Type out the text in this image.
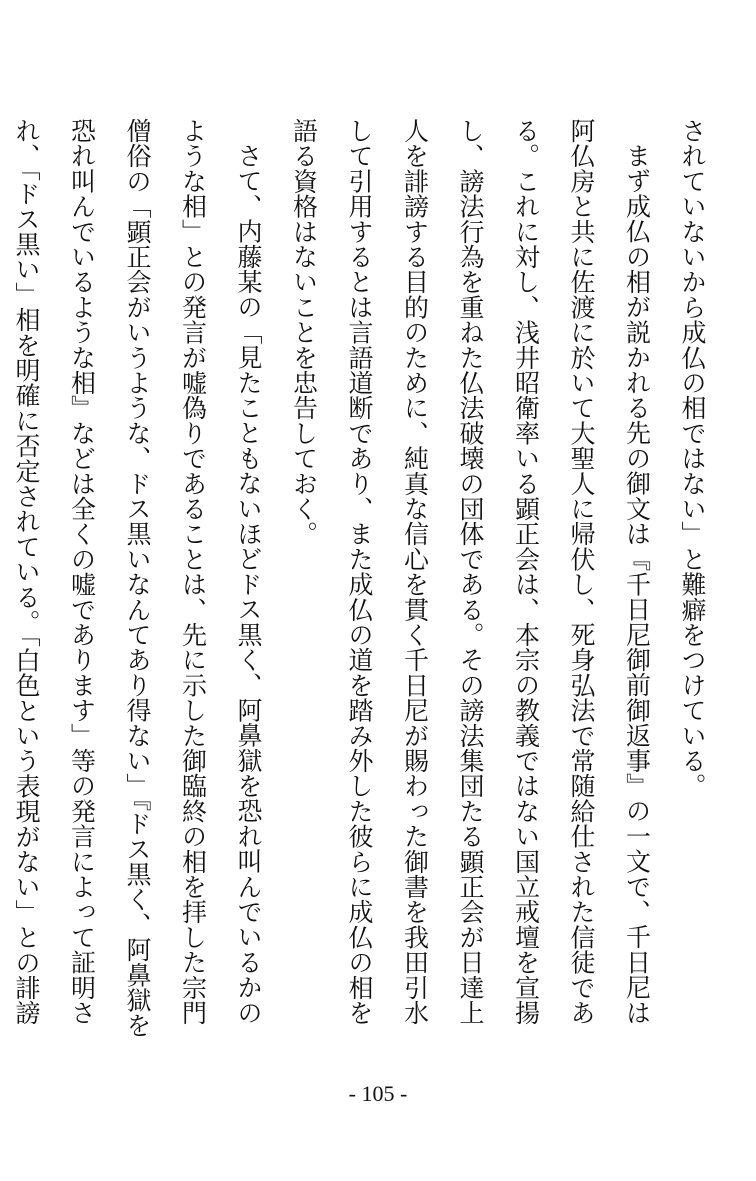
されていないから成仏の相ではない」と難癖をつけている。

まず成仏の相が説かれる先の御文は『千日尼御前御返事』の一文で、千日尼は阿仏房と共に佐渡に於いて大聖人に帰伏し、死身弘法で常随給仕された信徒である。これに対し、浅井昭衛率いる顕正会は、本宗の教義ではない国立戒壇を宣揚し、謗法行為を重ねた仏法破壊の団体である。その謗法集団たる顕正会が日達上人を誹謗する目的のために、純真な信心を貫く千日尼が賜わった御書を我田引水して引用するとは言語道断であり、また成仏の道を踏み外した彼らに成仏の相を語る資格はないことを忠告しておく。

さて、内藤某の「見たこともないほどドス黒く、阿鼻獄を恐れ叫んでいるかのような相」との発言が嘘偽りであることは、先に示した御臨終の相を拝した宗門僧俗の「顕正会がいうような、ドス黒いなんてあり得ない」『ドス黒く、阿鼻獄を恐れ叫んでいるような相』などは全くの嘘であります」等の発言によって証明され、「ドス黒い」相を明確に否定されている。「白色という表現がない」との誹謗

- 105 -
